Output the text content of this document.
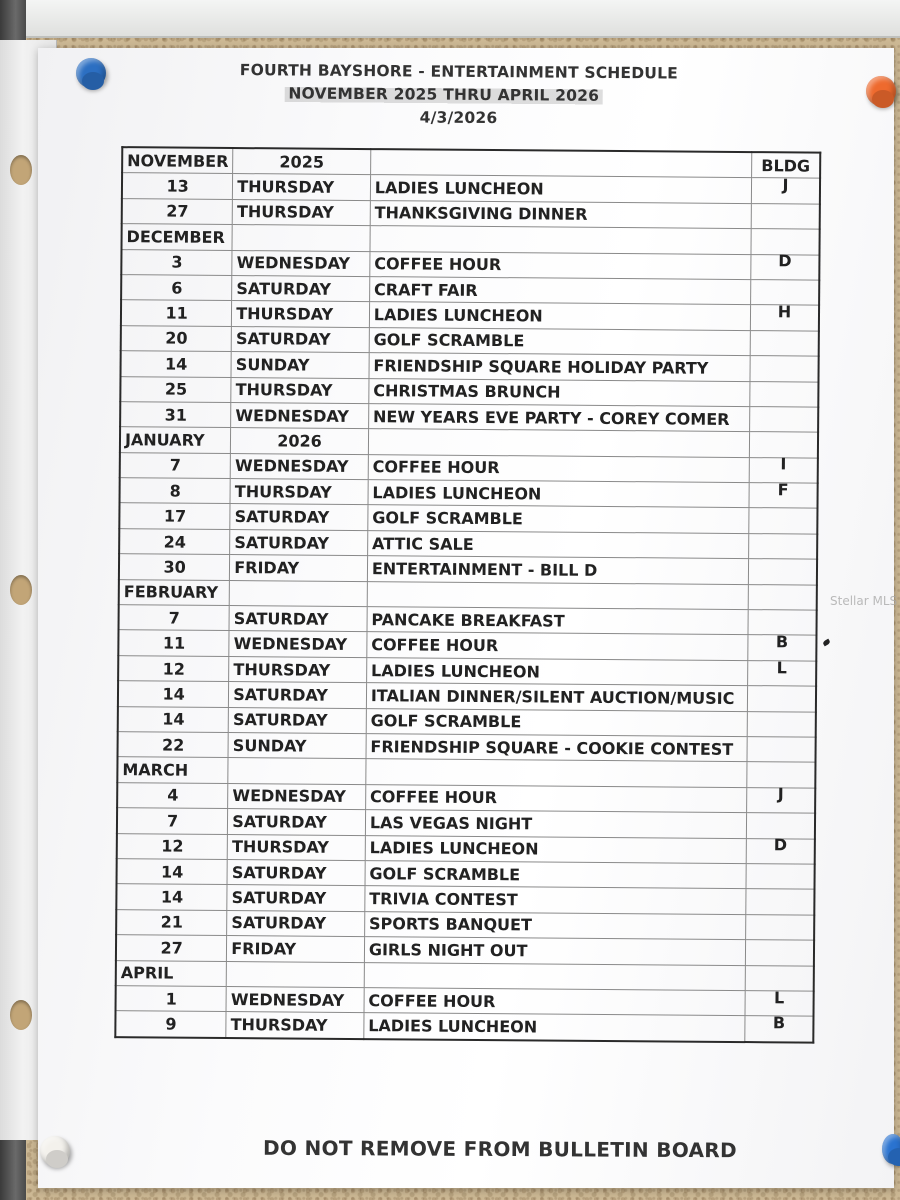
FOURTH BAYSHORE - ENTERTAINMENT SCHEDULE
NOVEMBER 2025 THRU APRIL 2026
4/3/2026
NOVEMBER	2025		BLDG
13	THURSDAY	LADIES LUNCHEON	J
27	THURSDAY	THANKSGIVING DINNER	
DECEMBER			
3	WEDNESDAY	COFFEE HOUR	D
6	SATURDAY	CRAFT FAIR	
11	THURSDAY	LADIES LUNCHEON	H
20	SATURDAY	GOLF SCRAMBLE	
14	SUNDAY	FRIENDSHIP SQUARE HOLIDAY PARTY	
25	THURSDAY	CHRISTMAS BRUNCH	
31	WEDNESDAY	NEW YEARS EVE PARTY - COREY COMER	
JANUARY	2026		
7	WEDNESDAY	COFFEE HOUR	I
8	THURSDAY	LADIES LUNCHEON	F
17	SATURDAY	GOLF SCRAMBLE	
24	SATURDAY	ATTIC SALE	
30	FRIDAY	ENTERTAINMENT - BILL D	
FEBRUARY			
7	SATURDAY	PANCAKE BREAKFAST	
11	WEDNESDAY	COFFEE HOUR	B
12	THURSDAY	LADIES LUNCHEON	L
14	SATURDAY	ITALIAN DINNER/SILENT AUCTION/MUSIC	
14	SATURDAY	GOLF SCRAMBLE	
22	SUNDAY	FRIENDSHIP SQUARE - COOKIE CONTEST	
MARCH			
4	WEDNESDAY	COFFEE HOUR	J
7	SATURDAY	LAS VEGAS NIGHT	
12	THURSDAY	LADIES LUNCHEON	D
14	SATURDAY	GOLF SCRAMBLE	
14	SATURDAY	TRIVIA CONTEST	
21	SATURDAY	SPORTS BANQUET	
27	FRIDAY	GIRLS NIGHT OUT	
APRIL			
1	WEDNESDAY	COFFEE HOUR	L
9	THURSDAY	LADIES LUNCHEON	B
Stellar MLS
DO NOT REMOVE FROM BULLETIN BOARD
